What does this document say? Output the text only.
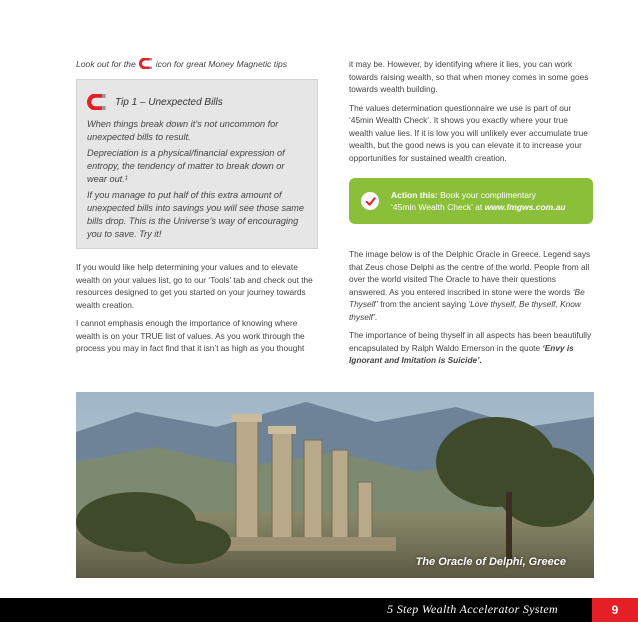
Look out for the icon for great Money Magnetic tips
Tip 1 – Unexpected Bills

When things break down it’s not uncommon for unexpected bills to result.

Depreciation is a physical/financial expression of entropy, the tendency of matter to break down or wear out.¹

If you manage to put half of this extra amount of unexpected bills into savings you will see those same bills drop. This is the Universe’s way of encouraging you to save. Try it!

If you would like help determining your values and to elevate wealth on your values list, go to our ‘Tools’ tab and check out the resources designed to get you started on your journey towards wealth creation.

I cannot emphasis enough the importance of knowing where wealth is on your TRUE list of values. As you work through the process you may in fact find that it isn’t as high as you thought

it may be. However, by identifying where it lies, you can work towards raising wealth, so that when money comes in some goes towards wealth building.

The values determination questionnaire we use is part of our ‘45min Wealth Check’. It shows you exactly where your true wealth value lies. If it is low you will unlikely ever accumulate true wealth, but the good news is you can elevate it to increase your opportunities for sustained wealth creation.

Action this: Book your complimentary
‘45min Wealth Check’ at www.fmgws.com.au

The image below is of the Delphic Oracle in Greece. Legend says that Zeus chose Delphi as the centre of the world. People from all over the world visited The Oracle to have their questions answered. As you entered inscribed in stone were the words ‘Be Thyself’ from the ancient saying ‘Love thyself, Be thyself, Know thyself’.

The importance of being thyself in all aspects has been beautifully encapsulated by Ralph Waldo Emerson in the quote ‘Envy is Ignorant and Imitation is Suicide’.

The Oracle of Delphi, Greece
5 Step Wealth Accelerator System	9
